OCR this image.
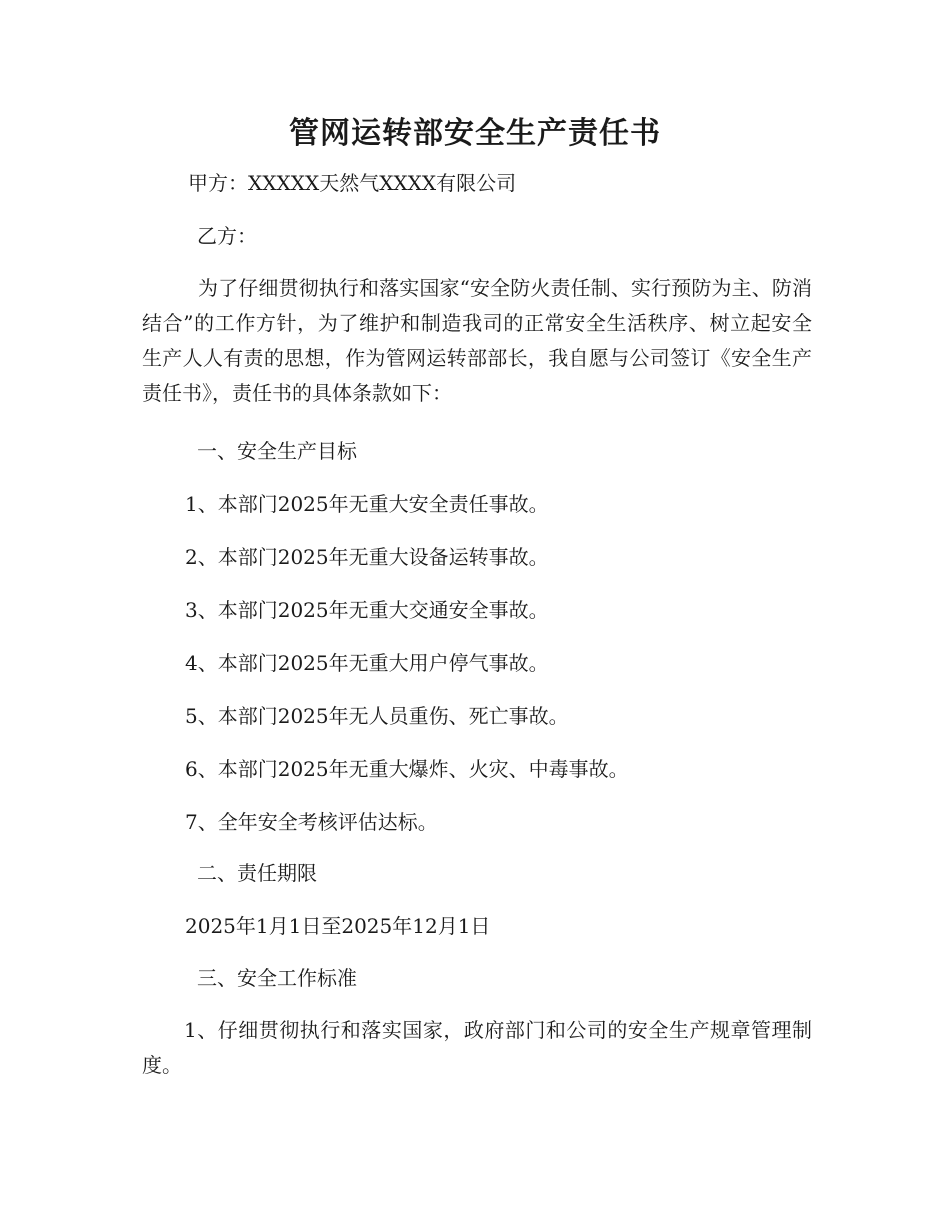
管网运转部安全生产责任书

甲方：XXXXX天然气XXXX有限公司

乙方：

为了仔细贯彻执行和落实国家“安全防火责任制、实行预防为主、防消结合”的工作方针，为了维护和制造我司的正常安全生活秩序、树立起安全生产人人有责的思想，作为管网运转部部长，我自愿与公司签订《安全生产责任书》，责任书的具体条款如下：

一、安全生产目标

1、本部门2025年无重大安全责任事故。

2、本部门2025年无重大设备运转事故。

3、本部门2025年无重大交通安全事故。

4、本部门2025年无重大用户停气事故。

5、本部门2025年无人员重伤、死亡事故。

6、本部门2025年无重大爆炸、火灾、中毒事故。

7、全年安全考核评估达标。

二、责任期限

2025年1月1日至2025年12月1日

三、安全工作标准

1、仔细贯彻执行和落实国家，政府部门和公司的安全生产规章管理制度。
